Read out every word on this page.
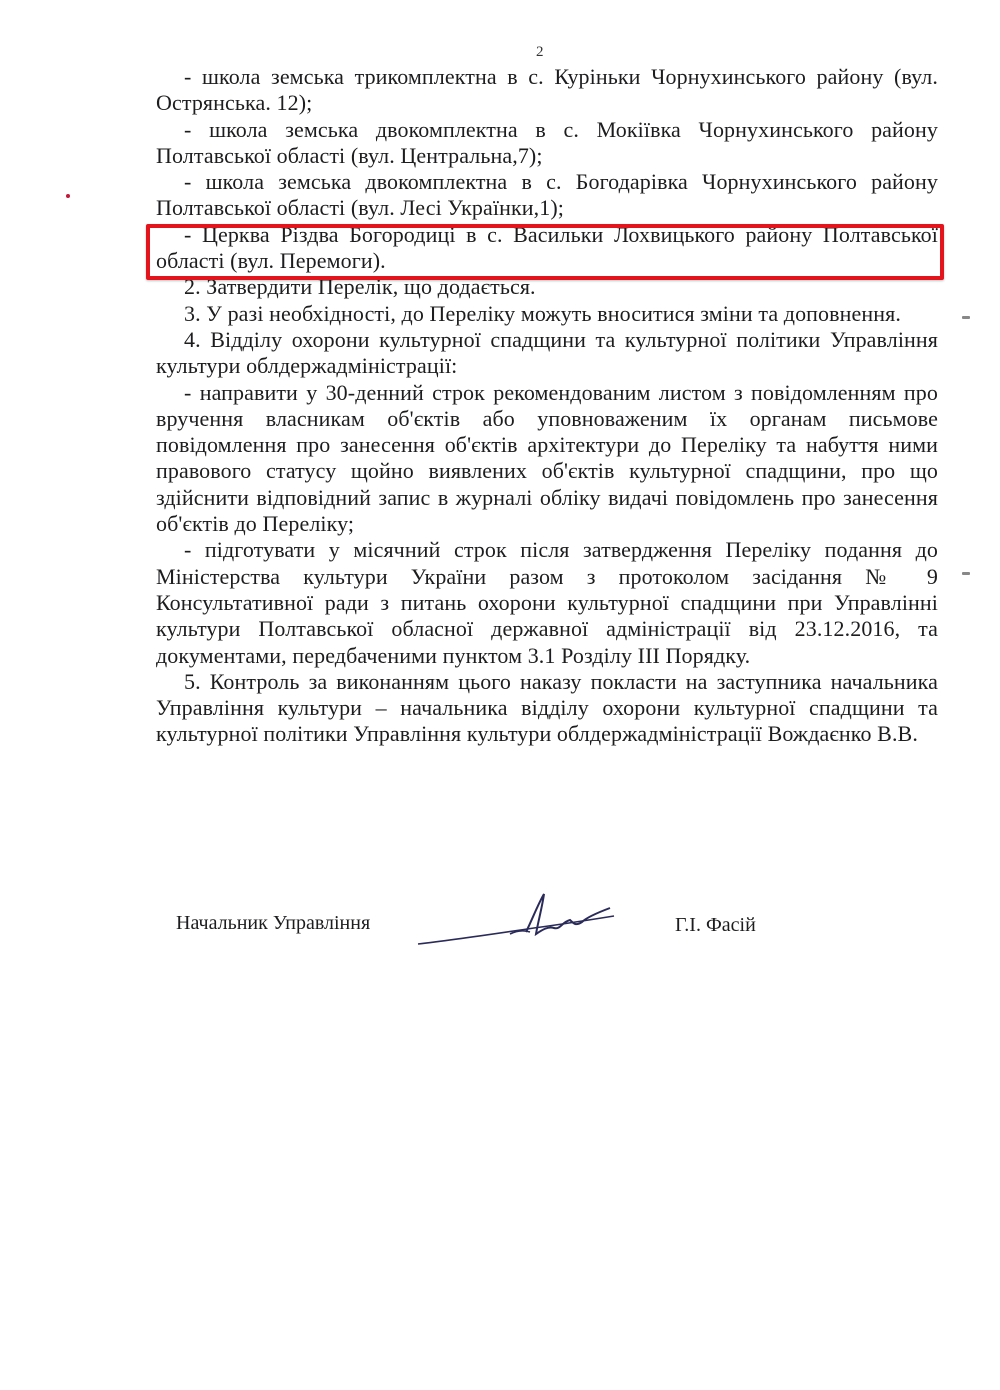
2

- школа земська трикомплектна в с. Куріньки Чорнухинського району (вул. Острянська. 12);

- школа земська двокомплектна в с. Мокіївка Чорнухинського району Полтавської області (вул. Центральна,7);

- школа земська двокомплектна в с. Богодарівка Чорнухинського району Полтавської області (вул. Лесі Українки,1);

- Церква Різдва Богородиці в с. Васильки Лохвицького району Полтавської області (вул. Перемоги).

2. Затвердити Перелік, що додається.

3. У разі необхідності, до Переліку можуть вноситися зміни та доповнення.

4. Відділу охорони культурної спадщини та культурної політики Управління культури облдержадміністрації:

- направити у 30-денний строк рекомендованим листом з повідомленням про вручення власникам об'єктів або уповноваженим їх органам письмове повідомлення про занесення об'єктів архітектури до Переліку та набуття ними правового статусу щойно виявлених об'єктів культурної спадщини, про що здійснити відповідний запис в журналі обліку видачі повідомлень про занесення об'єктів до Переліку;

- підготувати у місячний строк після затвердження Переліку подання до Міністерства культури України разом з протоколом засідання № 9 Консультативної ради з питань охорони культурної спадщини при Управлінні культури Полтавської обласної державної адміністрації від 23.12.2016, та документами, передбаченими пунктом 3.1 Розділу III Порядку.

5. Контроль за виконанням цього наказу покласти на заступника начальника Управління культури – начальника відділу охорони культурної спадщини та культурної політики Управління культури облдержадміністрації Вождаєнко В.В.

Начальник Управління	Г.І. Фасій
